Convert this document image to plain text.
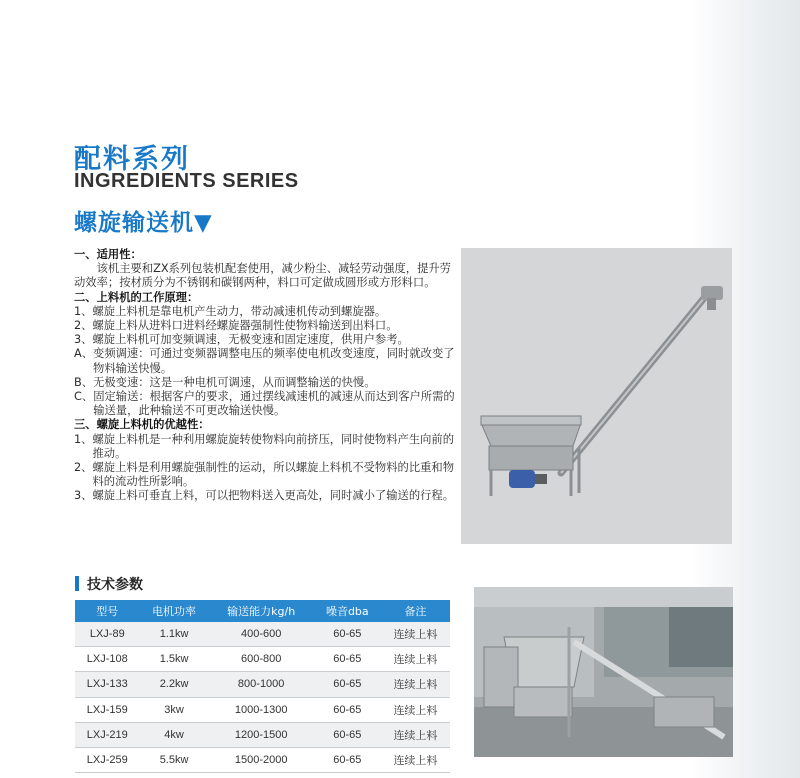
配料系列
INGREDIENTS SERIES
螺旋输送机▼
一、适用性：
该机主要和ZX系列包装机配套使用，减少粉尘、减轻劳动强度，提升劳动效率；按材质分为不锈钢和碳钢两种，料口可定做成圆形或方形料口。
二、上料机的工作原理：
1、 螺旋上料机是靠电机产生动力，带动减速机传动到螺旋器。
2、 螺旋上料从进料口进料经螺旋器强制性使物料输送到出料口。
3、 螺旋上料机可加变频调速，无极变速和固定速度，供用户参考。
A、 变频调速：可通过变频器调整电压的频率使电机改变速度，同时就改变了物料输送快慢。
B、 无极变速：这是一种电机可调速，从而调整输送的快慢。
C、 固定输送：根据客户的要求，通过摆线减速机的减速从而达到客户所需的输送量，此种输送不可更改输送快慢。
三、螺旋上料机的优越性：
1、 螺旋上料机是一种利用螺旋旋转使物料向前挤压，同时使物料产生向前的推动。
2、 螺旋上料是利用螺旋强制性的运动，所以螺旋上料机不受物料的比重和物料的流动性所影响。
3、 螺旋上料可垂直上料，可以把物料送入更高处，同时减小了输送的行程。
技术参数
型号	电机功率	输送能力kg/h	噪音dba	备注
LXJ-89	1.1kw	400-600	60-65	连续上料
LXJ-108	1.5kw	600-800	60-65	连续上料
LXJ-133	2.2kw	800-1000	60-65	连续上料
LXJ-159	3kw	1000-1300	60-65	连续上料
LXJ-219	4kw	1200-1500	60-65	连续上料
LXJ-259	5.5kw	1500-2000	60-65	连续上料
